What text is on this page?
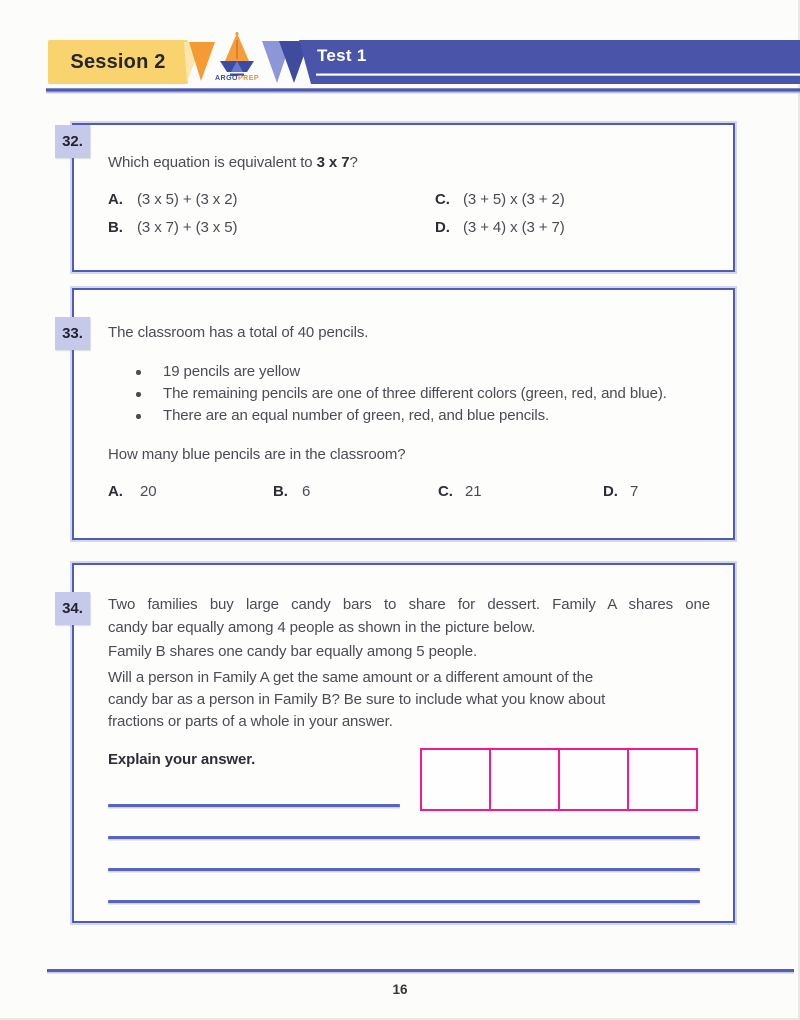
Session 2	Test 1
ARGOPREP
32.
Which equation is equivalent to 3 x 7?
A. (3 x 5) + (3 x 2)
B. (3 x 7) + (3 x 5)
C. (3 + 5) x (3 + 2)
D. (3 + 4) x (3 + 7)
33.	The classroom has a total of 40 pencils.
19 pencils are yellow
The remaining pencils are one of three different colors (green, red, and blue).
There are an equal number of green, red, and blue pencils.
How many blue pencils are in the classroom?
A. 20	B. 6	C. 21	D. 7
34.	Two families buy large candy bars to share for dessert. Family A shares one
candy bar equally among 4 people as shown in the picture below.
Family B shares one candy bar equally among 5 people.
Will a person in Family A get the same amount or a different amount of the
candy bar as a person in Family B? Be sure to include what you know about
fractions or parts of a whole in your answer.
Explain your answer.
16
